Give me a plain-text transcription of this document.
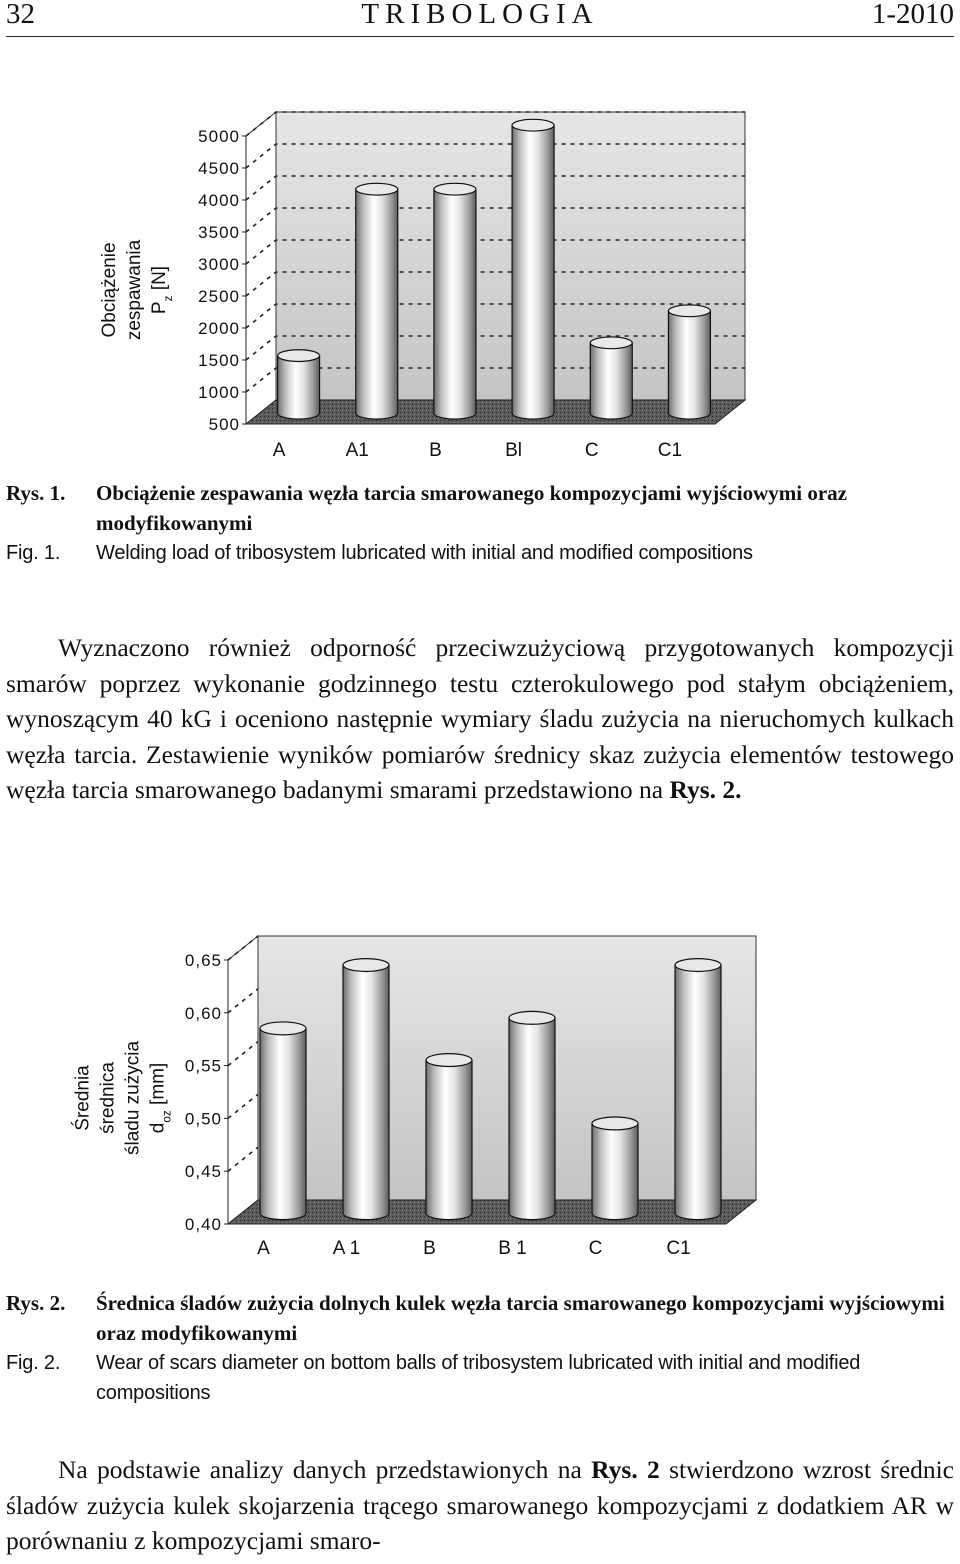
32	TRIBOLOGIA	1-2010
5000
4500
4000
3500
3000
2500
2000
1500
1000
500
A	A1	B	Bl	C	C1
Obciążenie zespawania $P_z$ [N]
Rys. 1.	Obciążenie zespawania węzła tarcia smarowanego kompozycjami wyjściowymi oraz modyfikowanymi
Fig. 1.	Welding load of tribosystem lubricated with initial and modified compositions
Wyznaczono również odporność przeciwzużyciową przygotowanych kompozycji smarów poprzez wykonanie godzinnego testu czterokulowego pod stałym obciążeniem, wynoszącym 40 kG i oceniono następnie wymiary śladu zużycia na nieruchomych kulkach węzła tarcia. Zestawienie wyników pomiarów średnicy skaz zużycia elementów testowego węzła tarcia smarowanego badanymi smarami przedstawiono na Rys. 2.
0,65
0,60
0,55
0,50
0,45
0,40
A	A 1	B	B 1	C	C1
Średnia średnica śladu zużycia $d_{oz}$ [mm]
Rys. 2.	Średnica śladów zużycia dolnych kulek węzła tarcia smarowanego kompozycjami wyjściowymi oraz modyfikowanymi
Fig. 2.	Wear of scars diameter on bottom balls of tribosystem lubricated with initial and modified compositions
Na podstawie analizy danych przedstawionych na Rys. 2 stwierdzono wzrost średnic śladów zużycia kulek skojarzenia trącego smarowanego kompozycjami z dodatkiem AR w porównaniu z kompozycjami smaro-
